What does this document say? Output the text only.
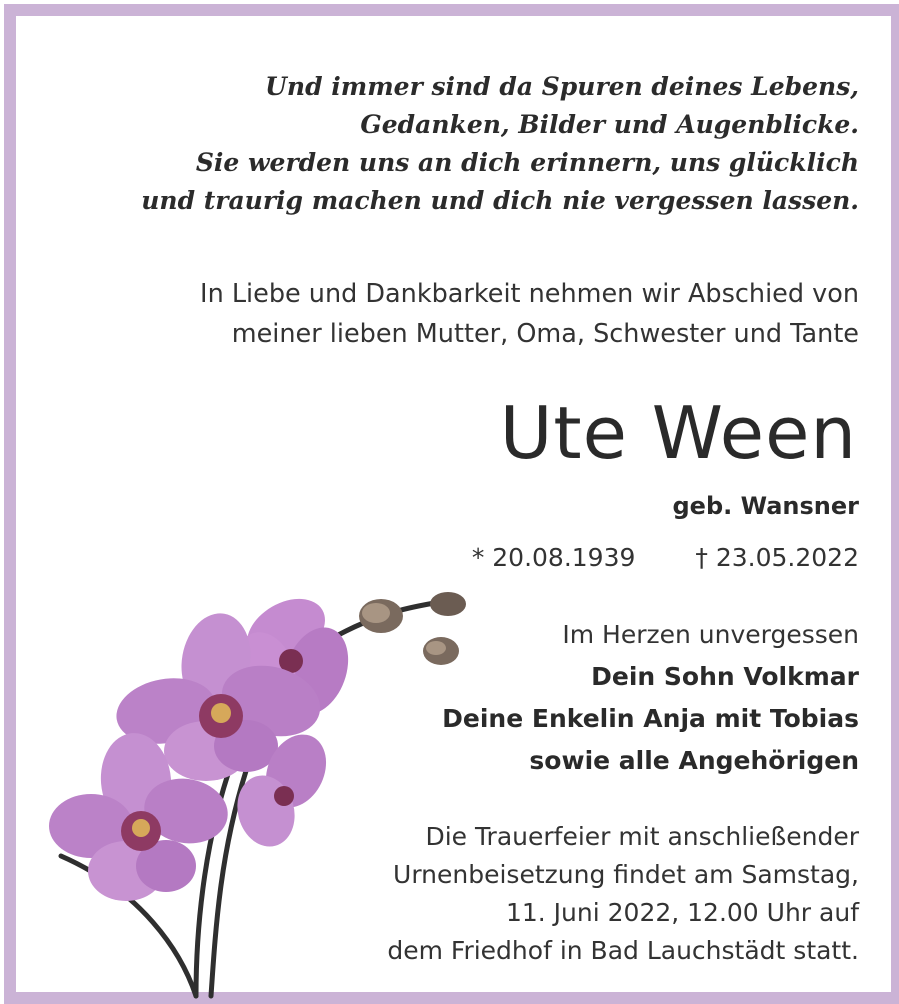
Und immer sind da Spuren deines Lebens,
Gedanken, Bilder und Augenblicke.
Sie werden uns an dich erinnern, uns glücklich
und traurig machen und dich nie vergessen lassen.
In Liebe und Dankbarkeit nehmen wir Abschied von
meiner lieben Mutter, Oma, Schwester und Tante
Ute Ween
geb. Wansner
* 20.08.1939 † 23.05.2022
Im Herzen unvergessen
Dein Sohn Volkmar
Deine Enkelin Anja mit Tobias
sowie alle Angehörigen
Die Trauerfeier mit anschließender
Urnenbeisetzung findet am Samstag,
11. Juni 2022, 12.00 Uhr auf
dem Friedhof in Bad Lauchstädt statt.
